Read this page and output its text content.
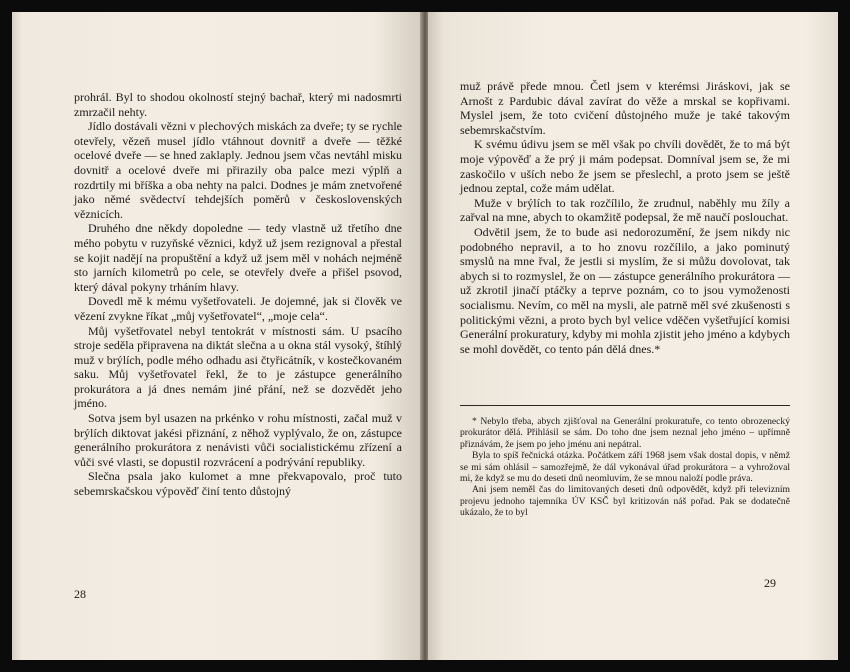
prohrál. Byl to shodou okolností stejný bachař, který mi nadosmrti zmrzačil nehty.

Jídlo dostávali vězni v plechových miskách za dveře; ty se rychle otevřely, vězeň musel jídlo vtáhnout dovnitř a dveře — těžké ocelové dveře — se hned zaklaply. Jednou jsem včas nevtáhl misku dovnitř a ocelové dveře mi přirazily oba palce mezi výplň a rozdrtily mi bříška a oba nehty na palci. Dodnes je mám znetvořené jako němé svědectví tehdejších poměrů v československých věznicích.

Druhého dne někdy dopoledne — tedy vlastně už třetího dne mého pobytu v ruzyňské věznici, když už jsem rezignoval a přestal se kojit nadějí na propuštění a když už jsem měl v nohách nejméně sto jarních kilometrů po cele, se otevřely dveře a přišel psovod, který dával pokyny trháním hlavy.

Dovedl mě k mému vyšetřovateli. Je dojemné, jak si člověk ve vězení zvykne říkat „můj vyšetřovatel“, „moje cela“.

Můj vyšetřovatel nebyl tentokrát v místnosti sám. U psacího stroje seděla připravena na diktát slečna a u okna stál vysoký, štíhlý muž v brýlích, podle mého odhadu asi čtyřicátník, v kostečkovaném saku. Můj vyšetřovatel řekl, že to je zástupce generálního prokurátora a já dnes nemám jiné přání, než se dozvědět jeho jméno.

Sotva jsem byl usazen na prkénko v rohu místnosti, začal muž v brýlích diktovat jakési přiznání, z něhož vyplývalo, že on, zástupce generálního prokurátora z nenávisti vůči socialistickému zřízení a vůči své vlasti, se dopustil rozvrácení a podrývání republiky.

Slečna psala jako kulomet a mne překvapovalo, proč tuto sebemrskačskou výpověď činí tento důstojný

28

muž právě přede mnou. Četl jsem v kterémsi Jiráskovi, jak se Arnošt z Pardubic dával zavírat do věže a mrskal se kopřivami. Myslel jsem, že toto cvičení důstojného muže je také takovým sebemrskačstvím.

K svému údivu jsem se měl však po chvíli dovědět, že to má být moje výpověď a že prý ji mám podepsat. Domníval jsem se, že mi zaskočilo v uších nebo že jsem se přeslechl, a proto jsem se ještě jednou zeptal, cože mám udělat.

Muže v brýlích to tak rozčílilo, že zrudnul, naběhly mu žíly a zařval na mne, abych to okamžitě podepsal, že mě naučí poslouchat.

Odvětil jsem, že to bude asi nedorozumění, že jsem nikdy nic podobného nepravil, a to ho znovu rozčílilo, a jako pominutý smyslů na mne řval, že jestli si myslím, že si můžu dovolovat, tak abych si to rozmyslel, že on — zástupce generálního prokurátora — už zkrotil jinačí ptáčky a teprve poznám, co to jsou vymoženosti socialismu. Nevím, co měl na mysli, ale patrně měl své zkušenosti s politickými vězni, a proto bych byl velice vděčen vyšetřující komisi Generální prokuratury, kdyby mi mohla zjistit jeho jméno a kdybych se mohl dovědět, co tento pán dělá dnes.*

* Nebylo třeba, abych zjišťoval na Generální prokuratuře, co tento obrozenecký prokurátor dělá. Přihlásil se sám. Do toho dne jsem neznal jeho jméno – upřímně přiznávám, že jsem po jeho jménu ani nepátral.

Byla to spíš řečnická otázka. Počátkem září 1968 jsem však dostal dopis, v němž se mi sám ohlásil – samozřejmě, že dál vykonával úřad prokurátora – a vyhrožoval mi, že když se mu do deseti dnů neomluvím, že se mnou naloží podle práva.

Ani jsem neměl čas do limitovaných deseti dnů odpovědět, když při televizním projevu jednoho tajemníka ÚV KSČ byl kritizován náš pořad. Pak se dodatečně ukázalo, že to byl

29
